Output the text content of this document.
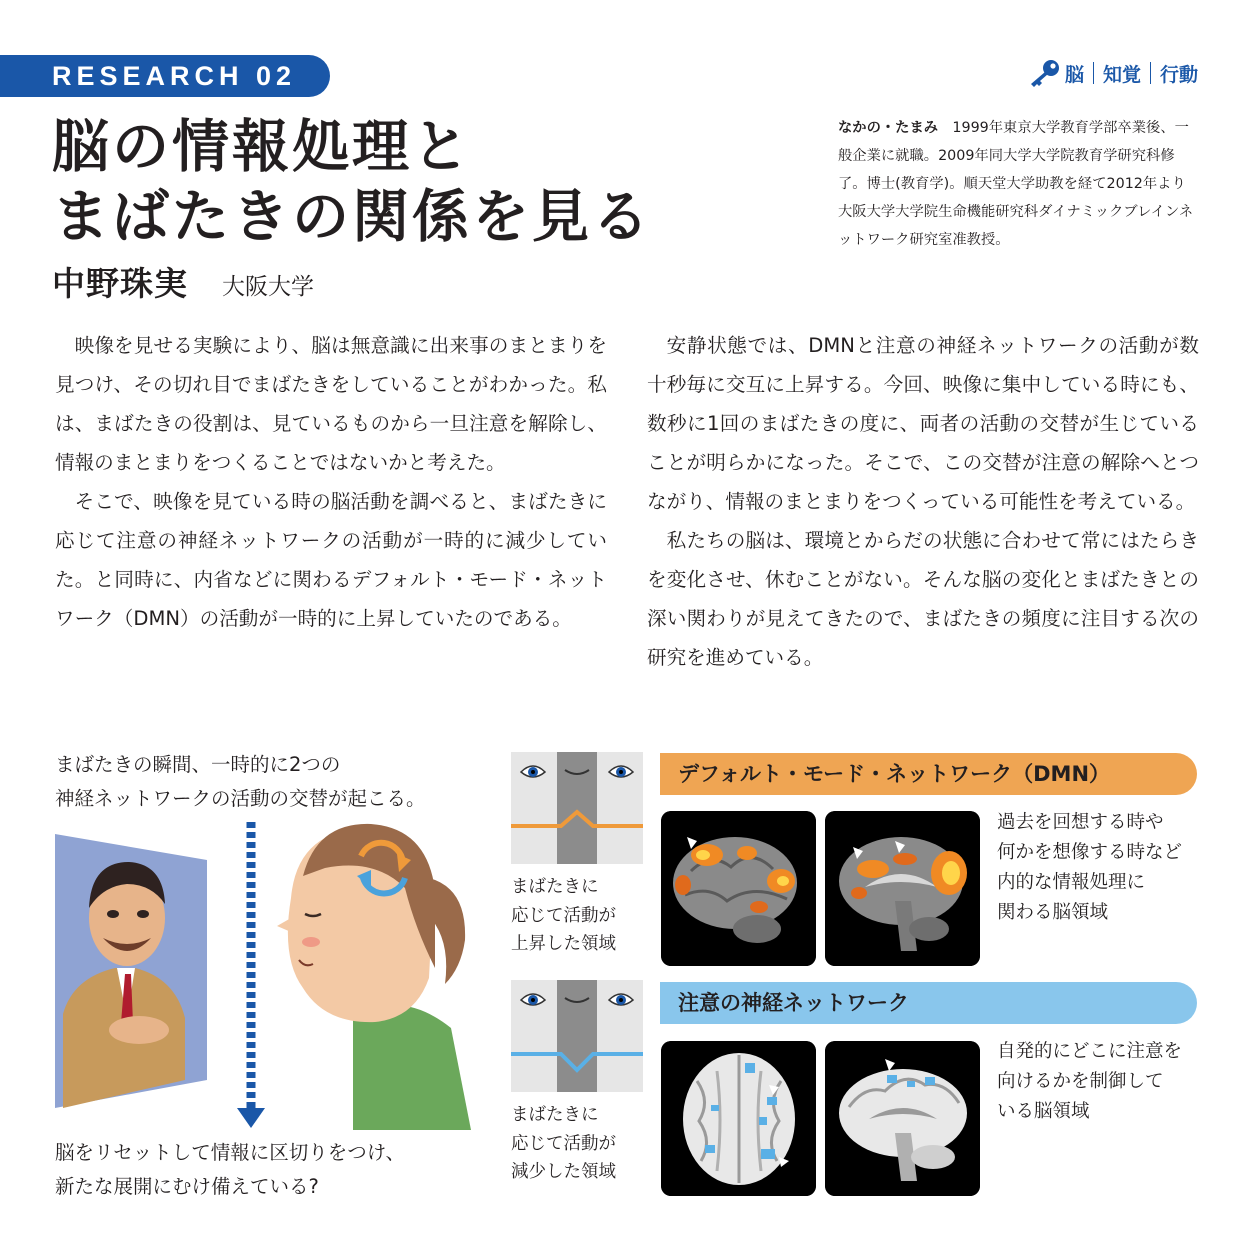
RESEARCH 02	脳 知覚 行動
脳の情報処理と
まばたきの関係を見る
中野珠実 大阪大学

なかの・たまみ　1999年東京大学教育学部卒業後、一般企業に就職。2009年同大学大学院教育学研究科修了。博士(教育学)。順天堂大学助教を経て2012年より大阪大学大学院生命機能研究科ダイナミックブレインネットワーク研究室准教授。

映像を見せる実験により、脳は無意識に出来事のまとまりを見つけ、その切れ目でまばたきをしていることがわかった。私は、まばたきの役割は、見ているものから一旦注意を解除し、情報のまとまりをつくることではないかと考えた。

そこで、映像を見ている時の脳活動を調べると、まばたきに応じて注意の神経ネットワークの活動が一時的に減少していた。と同時に、内省などに関わるデフォルト・モード・ネットワーク（DMN）の活動が一時的に上昇していたのである。

安静状態では、DMNと注意の神経ネットワークの活動が数十秒毎に交互に上昇する。今回、映像に集中している時にも、数秒に1回のまばたきの度に、両者の活動の交替が生じていることが明らかになった。そこで、この交替が注意の解除へとつながり、情報のまとまりをつくっている可能性を考えている。

私たちの脳は、環境とからだの状態に合わせて常にはたらきを変化させ、休むことがない。そんな脳の変化とまばたきとの深い関わりが見えてきたので、まばたきの頻度に注目する次の研究を進めている。

まばたきの瞬間、一時的に2つの
神経ネットワークの活動の交替が起こる。

脳をリセットして情報に区切りをつけ、
新たな展開にむけ備えている?

まばたきに
応じて活動が
上昇した領域

デフォルト・モード・ネットワーク（DMN）

過去を回想する時や
何かを想像する時など
内的な情報処理に
関わる脳領域

まばたきに
応じて活動が
減少した領域

注意の神経ネットワーク

自発的にどこに注意を
向けるかを制御して
いる脳領域
